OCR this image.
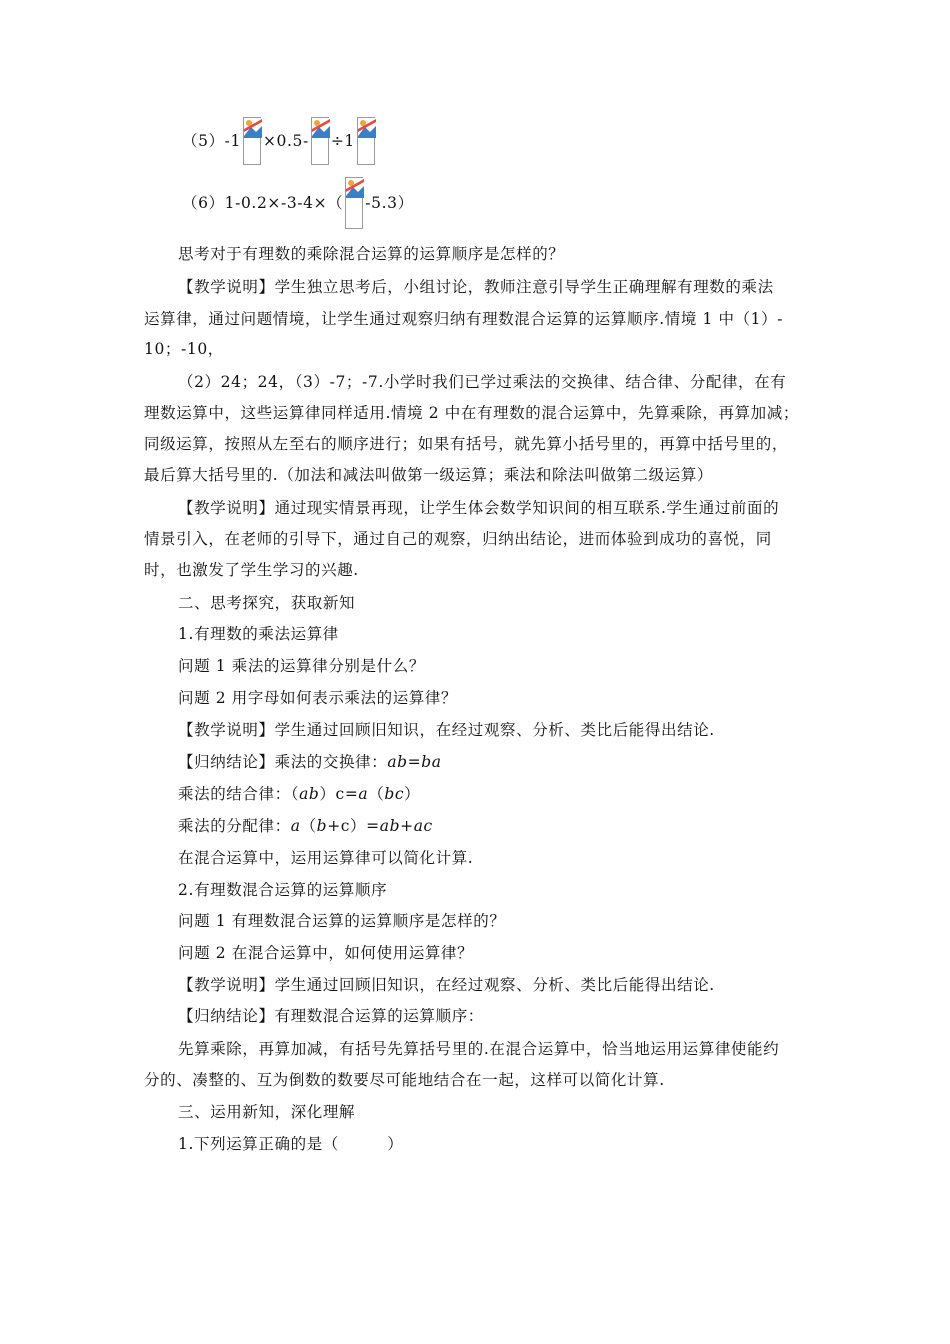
（5）-1 ×0.5- ÷1
（6）1-0.2×-3-4×（ -5.3）
思考对于有理数的乘除混合运算的运算顺序是怎样的？
【教学说明】学生独立思考后，小组讨论，教师注意引导学生正确理解有理数的乘法
运算律，通过问题情境，让学生通过观察归纳有理数混合运算的运算顺序.情境 1 中（1）-
10；-10，
（2）24；24，（3）-7；-7.小学时我们已学过乘法的交换律、结合律、分配律，在有
理数运算中，这些运算律同样适用.情境 2 中在有理数的混合运算中，先算乘除，再算加减；
同级运算，按照从左至右的顺序进行；如果有括号，就先算小括号里的，再算中括号里的，
最后算大括号里的.（加法和减法叫做第一级运算；乘法和除法叫做第二级运算）
【教学说明】通过现实情景再现，让学生体会数学知识间的相互联系.学生通过前面的
情景引入，在老师的引导下，通过自己的观察，归纳出结论，进而体验到成功的喜悦，同
时，也激发了学生学习的兴趣.
二、思考探究，获取新知
1.有理数的乘法运算律
问题 1 乘法的运算律分别是什么？
问题 2 用字母如何表示乘法的运算律？
【教学说明】学生通过回顾旧知识，在经过观察、分析、类比后能得出结论.
【归纳结论】乘法的交换律：ab=ba
乘法的结合律：（ab）c=a（bc）
乘法的分配律：a（b+c）=ab+ac
在混合运算中，运用运算律可以简化计算.
2.有理数混合运算的运算顺序
问题 1 有理数混合运算的运算顺序是怎样的？
问题 2 在混合运算中，如何使用运算律？
【教学说明】学生通过回顾旧知识，在经过观察、分析、类比后能得出结论.
【归纳结论】有理数混合运算的运算顺序：
先算乘除，再算加减，有括号先算括号里的.在混合运算中，恰当地运用运算律使能约
分的、凑整的、互为倒数的数要尽可能地结合在一起，这样可以简化计算.
三、运用新知，深化理解
1.下列运算正确的是（　　　）
